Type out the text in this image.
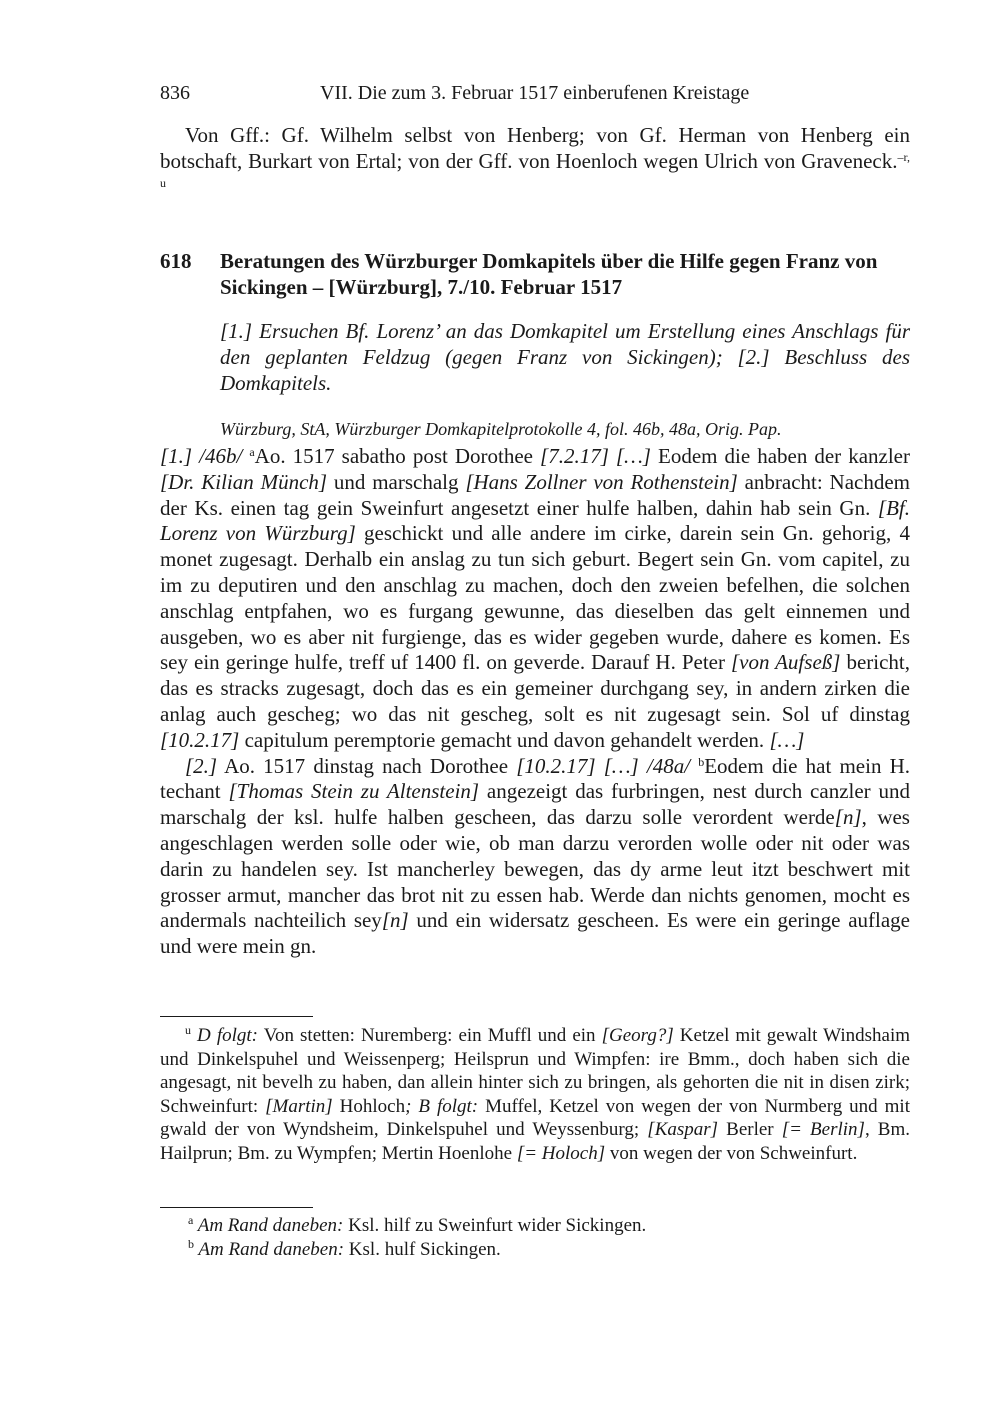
836	VII. Die zum 3. Februar 1517 einberufenen Kreistage

Von Gff.: Gf. Wilhelm selbst von Henberg; von Gf. Herman von Henberg ein botschaft, Burkart von Ertal; von der Gff. von Hoenloch wegen Ulrich von Graveneck.$^{-r, u}$

618	Beratungen des Würzburger Domkapitels über die Hilfe gegen Franz von Sickingen – [Würzburg], 7./10. Februar 1517

[1.] Ersuchen Bf. Lorenz’ an das Domkapitel um Erstellung eines Anschlags für den geplanten Feldzug (gegen Franz von Sickingen); [2.] Beschluss des Domkapitels.

Würzburg, StA, Würzburger Domkapitelprotokolle 4, fol. 46b, 48a, Orig. Pap.

[1.] /46b/ $^a$Ao. 1517 sabatho post Dorothee [7.2.17] […] Eodem die haben der kanzler [Dr. Kilian Münch] und marschalg [Hans Zollner von Rothenstein] anbracht: Nachdem der Ks. einen tag gein Sweinfurt angesetzt einer hulfe halben, dahin hab sein Gn. [Bf. Lorenz von Würzburg] geschickt und alle andere im cirke, darein sein Gn. gehorig, 4 monet zugesagt. Derhalb ein anslag zu tun sich geburt. Begert sein Gn. vom capitel, zu im zu deputiren und den anschlag zu machen, doch den zweien befelhen, die solchen anschlag entpfahen, wo es furgang gewunne, das dieselben das gelt einnemen und ausgeben, wo es aber nit furgienge, das es wider gegeben wurde, dahere es komen. Es sey ein geringe hulfe, treff uf 1400 fl. on geverde. Darauf H. Peter [von Aufseß] bericht, das es stracks zugesagt, doch das es ein gemeiner durchgang sey, in andern zirken die anlag auch gescheg; wo das nit gescheg, solt es nit zugesagt sein. Sol uf dinstag [10.2.17] capitulum peremptorie gemacht und davon gehandelt werden. […]

[2.] Ao. 1517 dinstag nach Dorothee [10.2.17] […] /48a/ $^b$Eodem die hat mein H. techant [Thomas Stein zu Altenstein] angezeigt das furbringen, nest durch canzler und marschalg der ksl. hulfe halben gescheen, das darzu solle verordent werde[n], wes angeschlagen werden solle oder wie, ob man darzu verorden wolle oder nit oder was darin zu handelen sey. Ist mancherley bewegen, das dy arme leut itzt beschwert mit grosser armut, mancher das brot nit zu essen hab. Werde dan nichts genomen, mocht es andermals nachteilich sey[n] und ein widersatz gescheen. Es were ein geringe auflage und were mein gn.

$^u$ D folgt: Von stetten: Nuremberg: ein Muffl und ein [Georg?] Ketzel mit gewalt Windshaim und Dinkelspuhel und Weissenperg; Heilsprun und Wimpfen: ire Bmm., doch haben sich die angesagt, nit bevelh zu haben, dan allein hinter sich zu bringen, als gehorten die nit in disen zirk; Schweinfurt: [Martin] Hohloch; B folgt: Muffel, Ketzel von wegen der von Nurmberg und mit gwald der von Wyndsheim, Dinkelspuhel und Weyssenburg; [Kaspar] Berler [= Berlin], Bm. Hailprun; Bm. zu Wympfen; Mertin Hoenlohe [= Holoch] von wegen der von Schweinfurt.

$^a$ Am Rand daneben: Ksl. hilf zu Sweinfurt wider Sickingen.

$^b$ Am Rand daneben: Ksl. hulf Sickingen.
